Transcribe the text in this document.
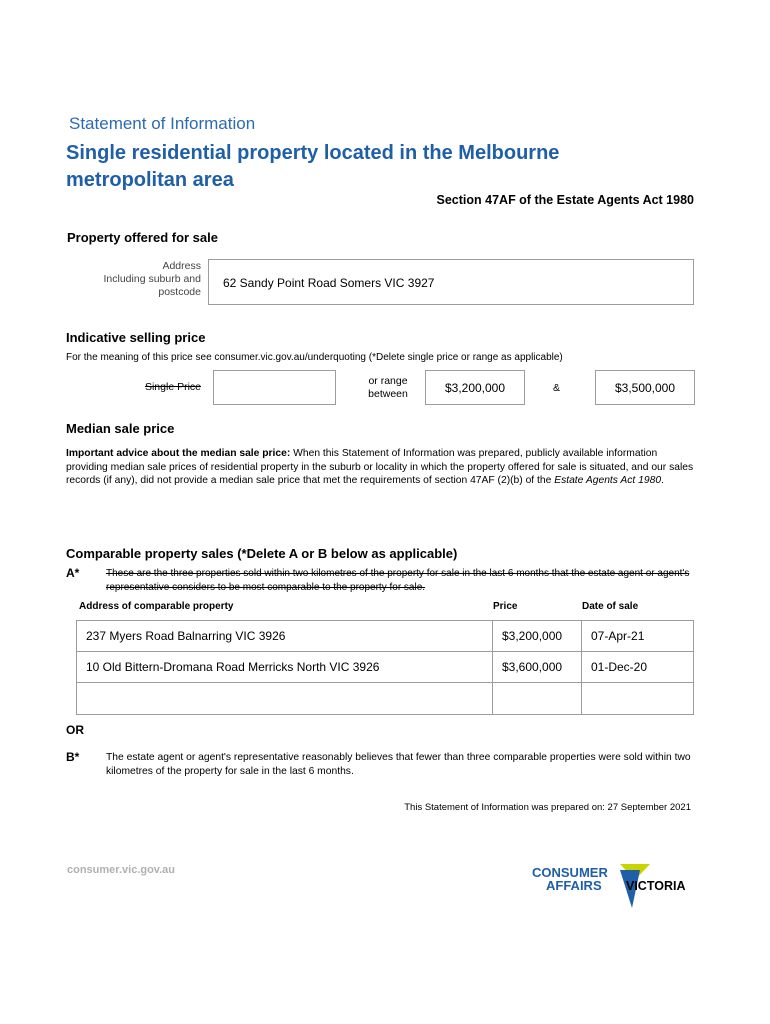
Statement of Information
Single residential property located in the Melbourne
metropolitan area
Section 47AF of the Estate Agents Act 1980
Property offered for sale
Address
Including suburb and
postcode
62 Sandy Point Road Somers VIC 3927
Indicative selling price
For the meaning of this price see consumer.vic.gov.au/underquoting (*Delete single price or range as applicable)
Single Price	or range
between	$3,200,000	&	$3,500,000
Median sale price
Important advice about the median sale price: When this Statement of Information was prepared, publicly available information providing median sale prices of residential property in the suburb or locality in which the property offered for sale is situated, and our sales records (if any), did not provide a median sale price that met the requirements of section 47AF (2)(b) of the Estate Agents Act 1980.
Comparable property sales (*Delete A or B below as applicable)
A*	These are the three properties sold within two kilometres of the property for sale in the last 6 months that the estate agent or agent's representative considers to be most comparable to the property for sale.
Address of comparable property	Price	Date of sale
237 Myers Road Balnarring VIC 3926	$3,200,000	07-Apr-21
10 Old Bittern-Dromana Road Merricks North VIC 3926	$3,600,000	01-Dec-20

OR
B*	The estate agent or agent's representative reasonably believes that fewer than three comparable properties were sold within two kilometres of the property for sale in the last 6 months.
This Statement of Information was prepared on: 27 September 2021
consumer.vic.gov.au	CONSUMER
AFFAIRS VICTORIA
